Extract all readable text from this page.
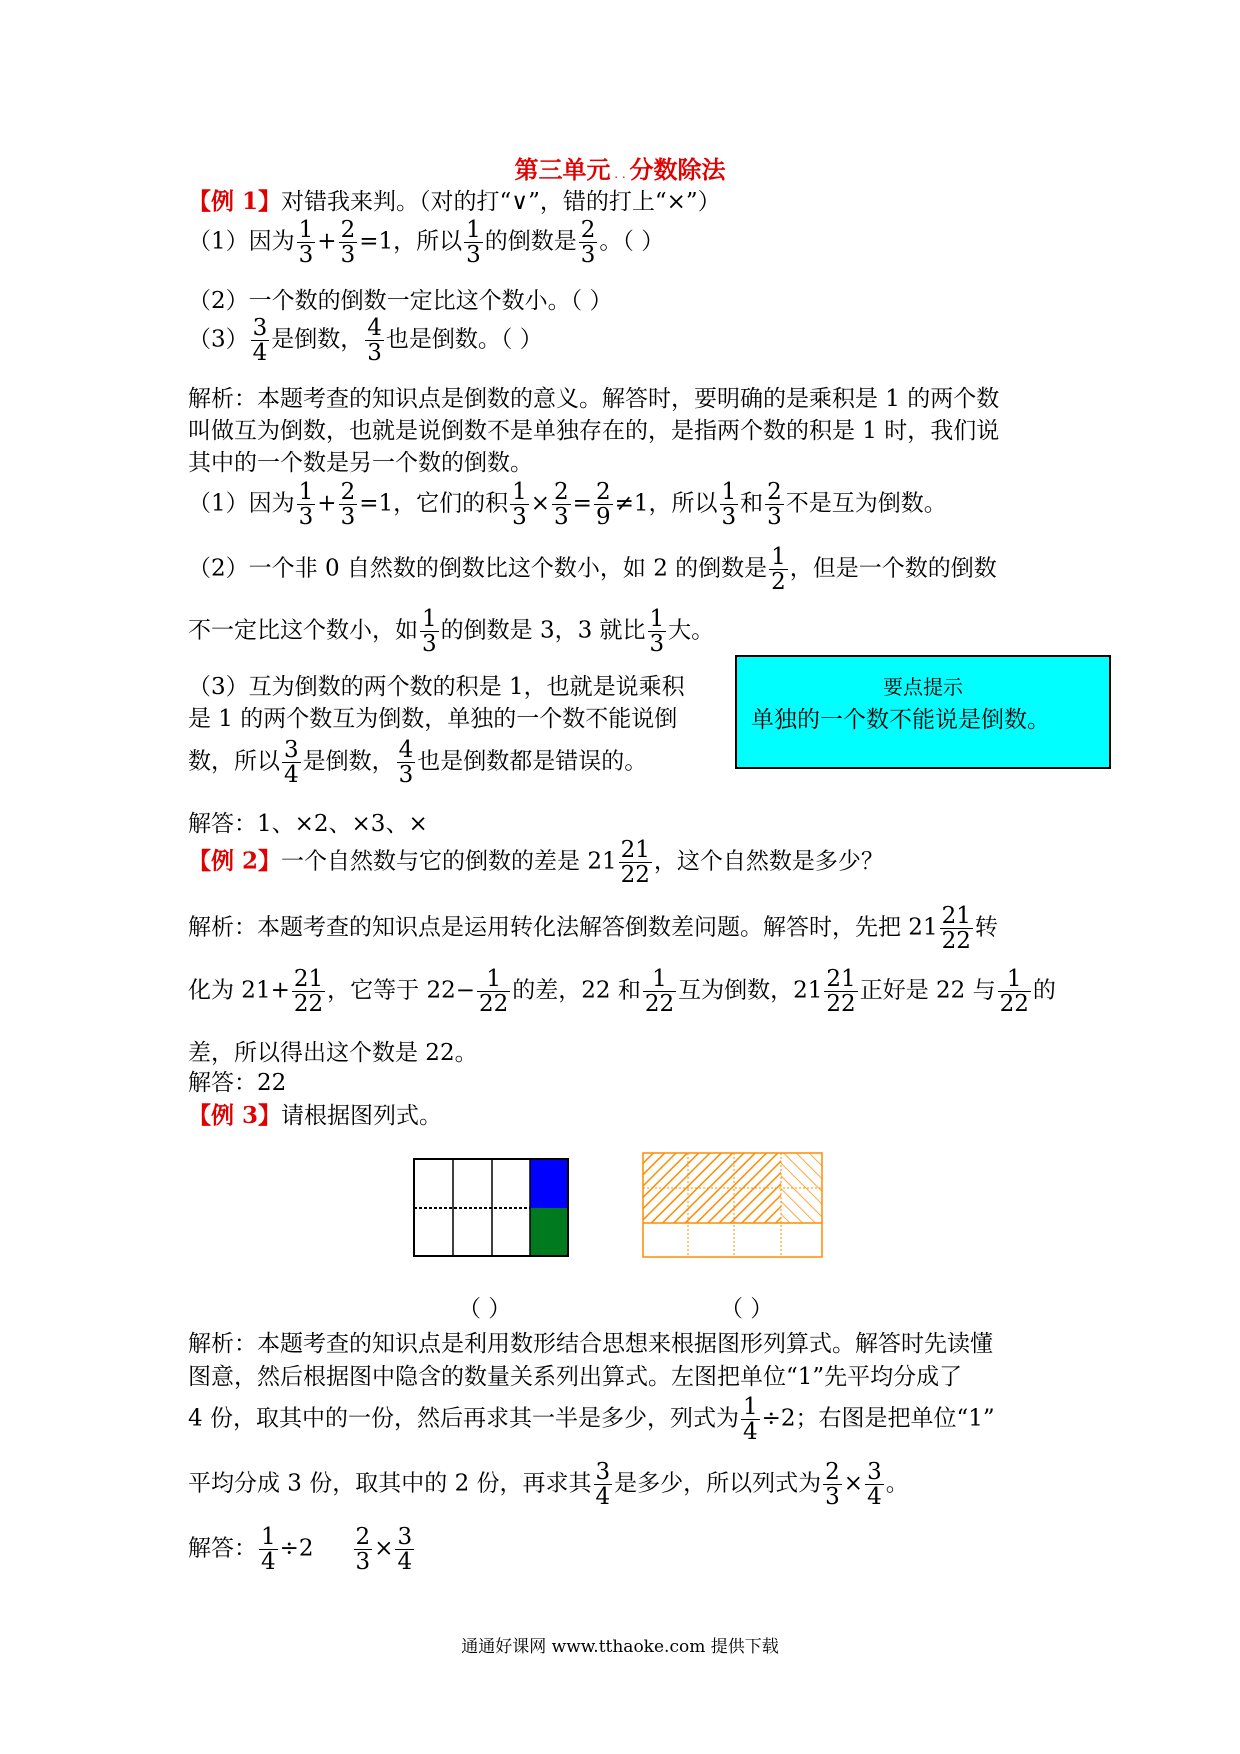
第三单元 . . 分数除法
【例 1】对错我来判。（对的打“∨”，错的打上“×”）
（1）因为 $\frac{1}{3} + \frac{2}{3} =1$，所以 $\frac{1}{3}$ 的倒数是 $\frac{2}{3}$ 。（ ）
（2）一个数的倒数一定比这个数小。（ ）
$(3) \frac{3}{4}$ 是倒数， $\frac{4}{3}$ 也是倒数。（ ）
解析：本题考查的知识点是倒数的意义。解答时，要明确的是乘积是 1 的两个数
叫做互为倒数，也就是说倒数不是单独存在的，是指两个数的积是 1 时，我们说
其中的一个数是另一个数的倒数。
（1）因为 $\frac{1}{3} + \frac{2}{3} =1$，它们的积 $\frac{1}{3} \times \frac{2}{3} = \frac{2}{9} \ne 1$，所以 $\frac{1}{3}$ 和 $\frac{2}{3}$ 不是互为倒数。
（2）一个非 0 自然数的倒数比这个数小，如 2 的倒数是 $\frac{1}{2}$ ，但是一个数的倒数
不一定比这个数小，如 $\frac{1}{3}$ 的倒数是 3，3 就比 $\frac{1}{3}$ 大。
（3）互为倒数的两个数的积是 1，也就是说乘积
是 1 的两个数互为倒数，单独的一个数不能说倒
数，所以 $\frac{3}{4}$ 是倒数， $\frac{4}{3}$ 也是倒数都是错误的。
要点提示
单独的一个数不能说是倒数。
解答：1、×2、×3、×
【例 2】一个自然数与它的倒数的差是 $21 \frac{21}{22}$ ，这个自然数是多少？
解析：本题考查的知识点是运用转化法解答倒数差问题。解答时，先把 $21 \frac{21}{22}$ 转
化为 $21+ \frac{21}{22}$ ，它等于 $22- \frac{1}{22}$ 的差，22 和 $\frac{1}{22}$ 互为倒数，$21 \frac{21}{22}$ 正好是 22 与 $\frac{1}{22}$ 的
差，所以得出这个数是 22。
解答：22
【例 3】请根据图列式。
（ ）	（ ）
解析：本题考查的知识点是利用数形结合思想来根据图形列算式。解答时先读懂
图意，然后根据图中隐含的数量关系列出算式。左图把单位“1”先平均分成了
4 份，取其中的一份，然后再求其一半是多少，列式为 $\frac{1}{4} \div 2$；右图是把单位“1”
平均分成 3 份，取其中的 2 份，再求其 $\frac{3}{4}$ 是多少，所以列式为 $\frac{2}{3} \times \frac{3}{4}$ 。
解答： $\frac{1}{4} \div 2 \frac{2}{3} \times \frac{3}{4}$
通通好课网 www.tthaoke.com 提供下载
